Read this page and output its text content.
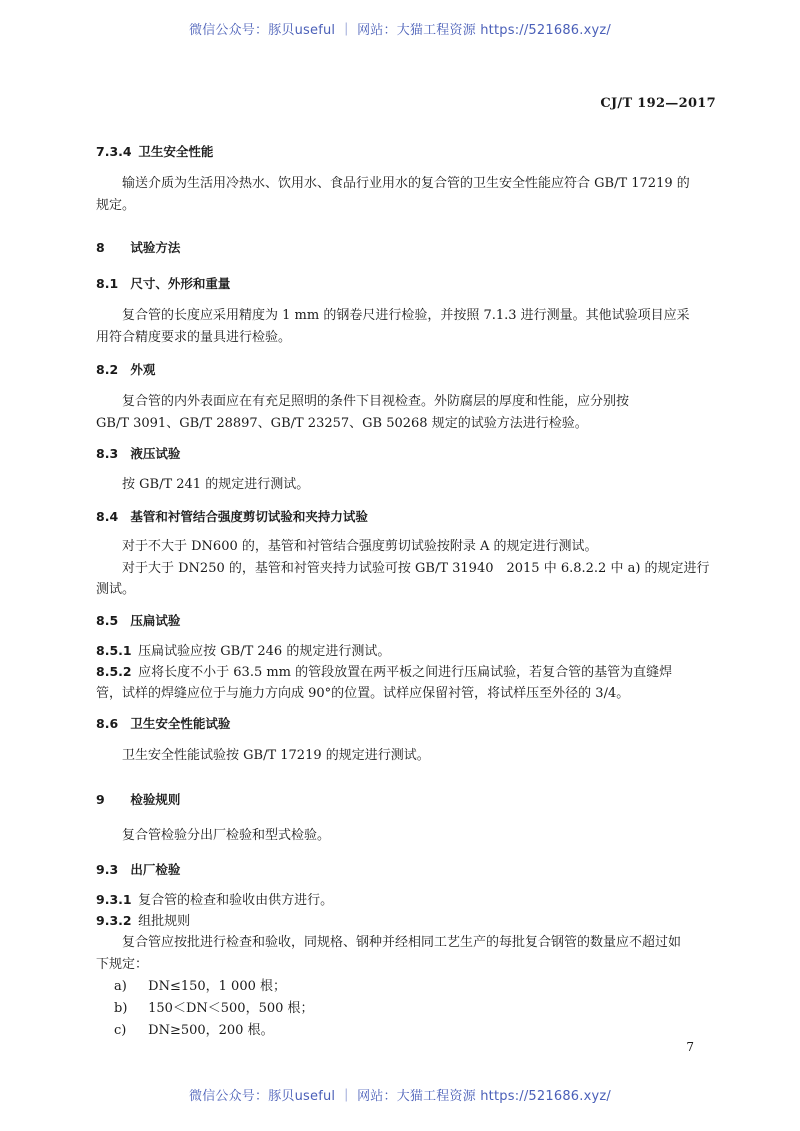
微信公众号：豚贝useful ｜ 网站：大猫工程资源 https://521686.xyz/
CJ/T 192—2017
7.3.4 卫生安全性能
输送介质为生活用冷热水、饮用水、食品行业用水的复合管的卫生安全性能应符合 GB/T 17219 的
规定。
8 试验方法
8.1 尺寸、外形和重量
复合管的长度应采用精度为 1 mm 的钢卷尺进行检验，并按照 7.1.3 进行测量。其他试验项目应采
用符合精度要求的量具进行检验。
8.2 外观
复合管的内外表面应在有充足照明的条件下目视检查。外防腐层的厚度和性能，应分别按
GB/T 3091、GB/T 28897、GB/T 23257、GB 50268 规定的试验方法进行检验。
8.3 液压试验
按 GB/T 241 的规定进行测试。
8.4 基管和衬管结合强度剪切试验和夹持力试验
对于不大于 DN600 的，基管和衬管结合强度剪切试验按附录 A 的规定进行测试。
对于大于 DN250 的，基管和衬管夹持力试验可按 GB/T 31940　2015 中 6.8.2.2 中 a) 的规定进行
测试。
8.5 压扁试验
8.5.1 压扁试验应按 GB/T 246 的规定进行测试。
8.5.2 应将长度不小于 63.5 mm 的管段放置在两平板之间进行压扁试验，若复合管的基管为直缝焊
管，试样的焊缝应位于与施力方向成 90°的位置。试样应保留衬管，将试样压至外径的 3/4。
8.6 卫生安全性能试验
卫生安全性能试验按 GB/T 17219 的规定进行测试。
9 检验规则
复合管检验分出厂检验和型式检验。
9.3 出厂检验
9.3.1 复合管的检查和验收由供方进行。
9.3.2 组批规则
复合管应按批进行检查和验收，同规格、钢种并经相同工艺生产的每批复合钢管的数量应不超过如
下规定：
a) DN≤150，1 000 根；
b) 150＜DN＜500，500 根；
c) DN≥500，200 根。
7
微信公众号：豚贝useful ｜ 网站：大猫工程资源 https://521686.xyz/
